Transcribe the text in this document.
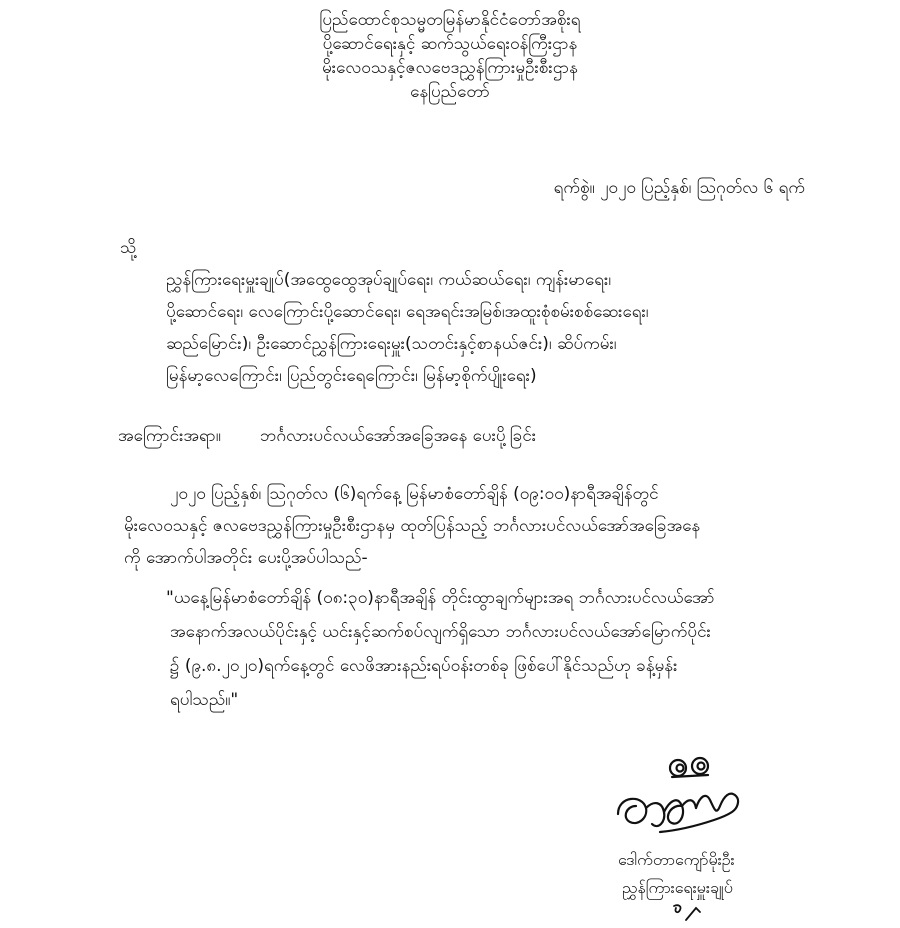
ပြည်ထောင်စုသမ္မတမြန်မာနိုင်ငံတော်အစိုးရ
ပို့ဆောင်ရေးနှင့် ဆက်သွယ်ရေးဝန်ကြီးဌာန
မိုးလေဝသနှင့်ဇလဗေဒညွှန်ကြားမှုဦးစီးဌာန
နေပြည်တော်
ရက်စွဲ။ ၂၀၂၀ ပြည့်နှစ်၊ ဩဂုတ်လ ၆ ရက်
သို့
ညွှန်ကြားရေးမှူးချုပ်(အထွေထွေအုပ်ချုပ်ရေး၊ ကယ်ဆယ်ရေး၊ ကျန်းမာရေး၊
ပို့ဆောင်ရေး၊ လေကြောင်းပို့ဆောင်ရေး၊ ရေအရင်းအမြစ်၊အထူးစုံစမ်းစစ်ဆေးရေး၊
ဆည်မြောင်း)၊ ဦးဆောင်ညွှန်ကြားရေးမှူး(သတင်းနှင့်စာနယ်ဇင်း)၊ ဆိပ်ကမ်း၊
မြန်မာ့လေကြောင်း၊ ပြည်တွင်းရေကြောင်း၊ မြန်မာ့စိုက်ပျိုးရေး)
အကြောင်းအရာ။ ဘင်္ဂလားပင်လယ်အော်အခြေအနေ ပေးပို့ခြင်း
၂၀၂၀ ပြည့်နှစ်၊ ဩဂုတ်လ (၆)ရက်နေ့ မြန်မာစံတော်ချိန် (၀၉:၀၀)နာရီအချိန်တွင်
မိုးလေဝသနှင့် ဇလဗေဒညွှန်ကြားမှုဦးစီးဌာနမှ ထုတ်ပြန်သည့် ဘင်္ဂလားပင်လယ်အော်အခြေအနေ
ကို အောက်ပါအတိုင်း ပေးပို့အပ်ပါသည်-
"ယနေ့မြန်မာစံတော်ချိန် (၀၈:၃၀)နာရီအချိန် တိုင်းထွာချက်များအရ ဘင်္ဂလားပင်လယ်အော်
အနောက်အလယ်ပိုင်းနှင့် ယင်းနှင့်ဆက်စပ်လျက်ရှိသော ဘင်္ဂလားပင်လယ်အော်မြောက်ပိုင်း
၌ (၉.၈.၂၀၂၀)ရက်နေ့တွင် လေဖိအားနည်းရပ်ဝန်းတစ်ခု ဖြစ်ပေါ်နိုင်သည်ဟု ခန့်မှန်း
ရပါသည်။"
ဒေါက်တာကျော်မိုးဦး
ညွှန်ကြားရေးမှူးချုပ်
